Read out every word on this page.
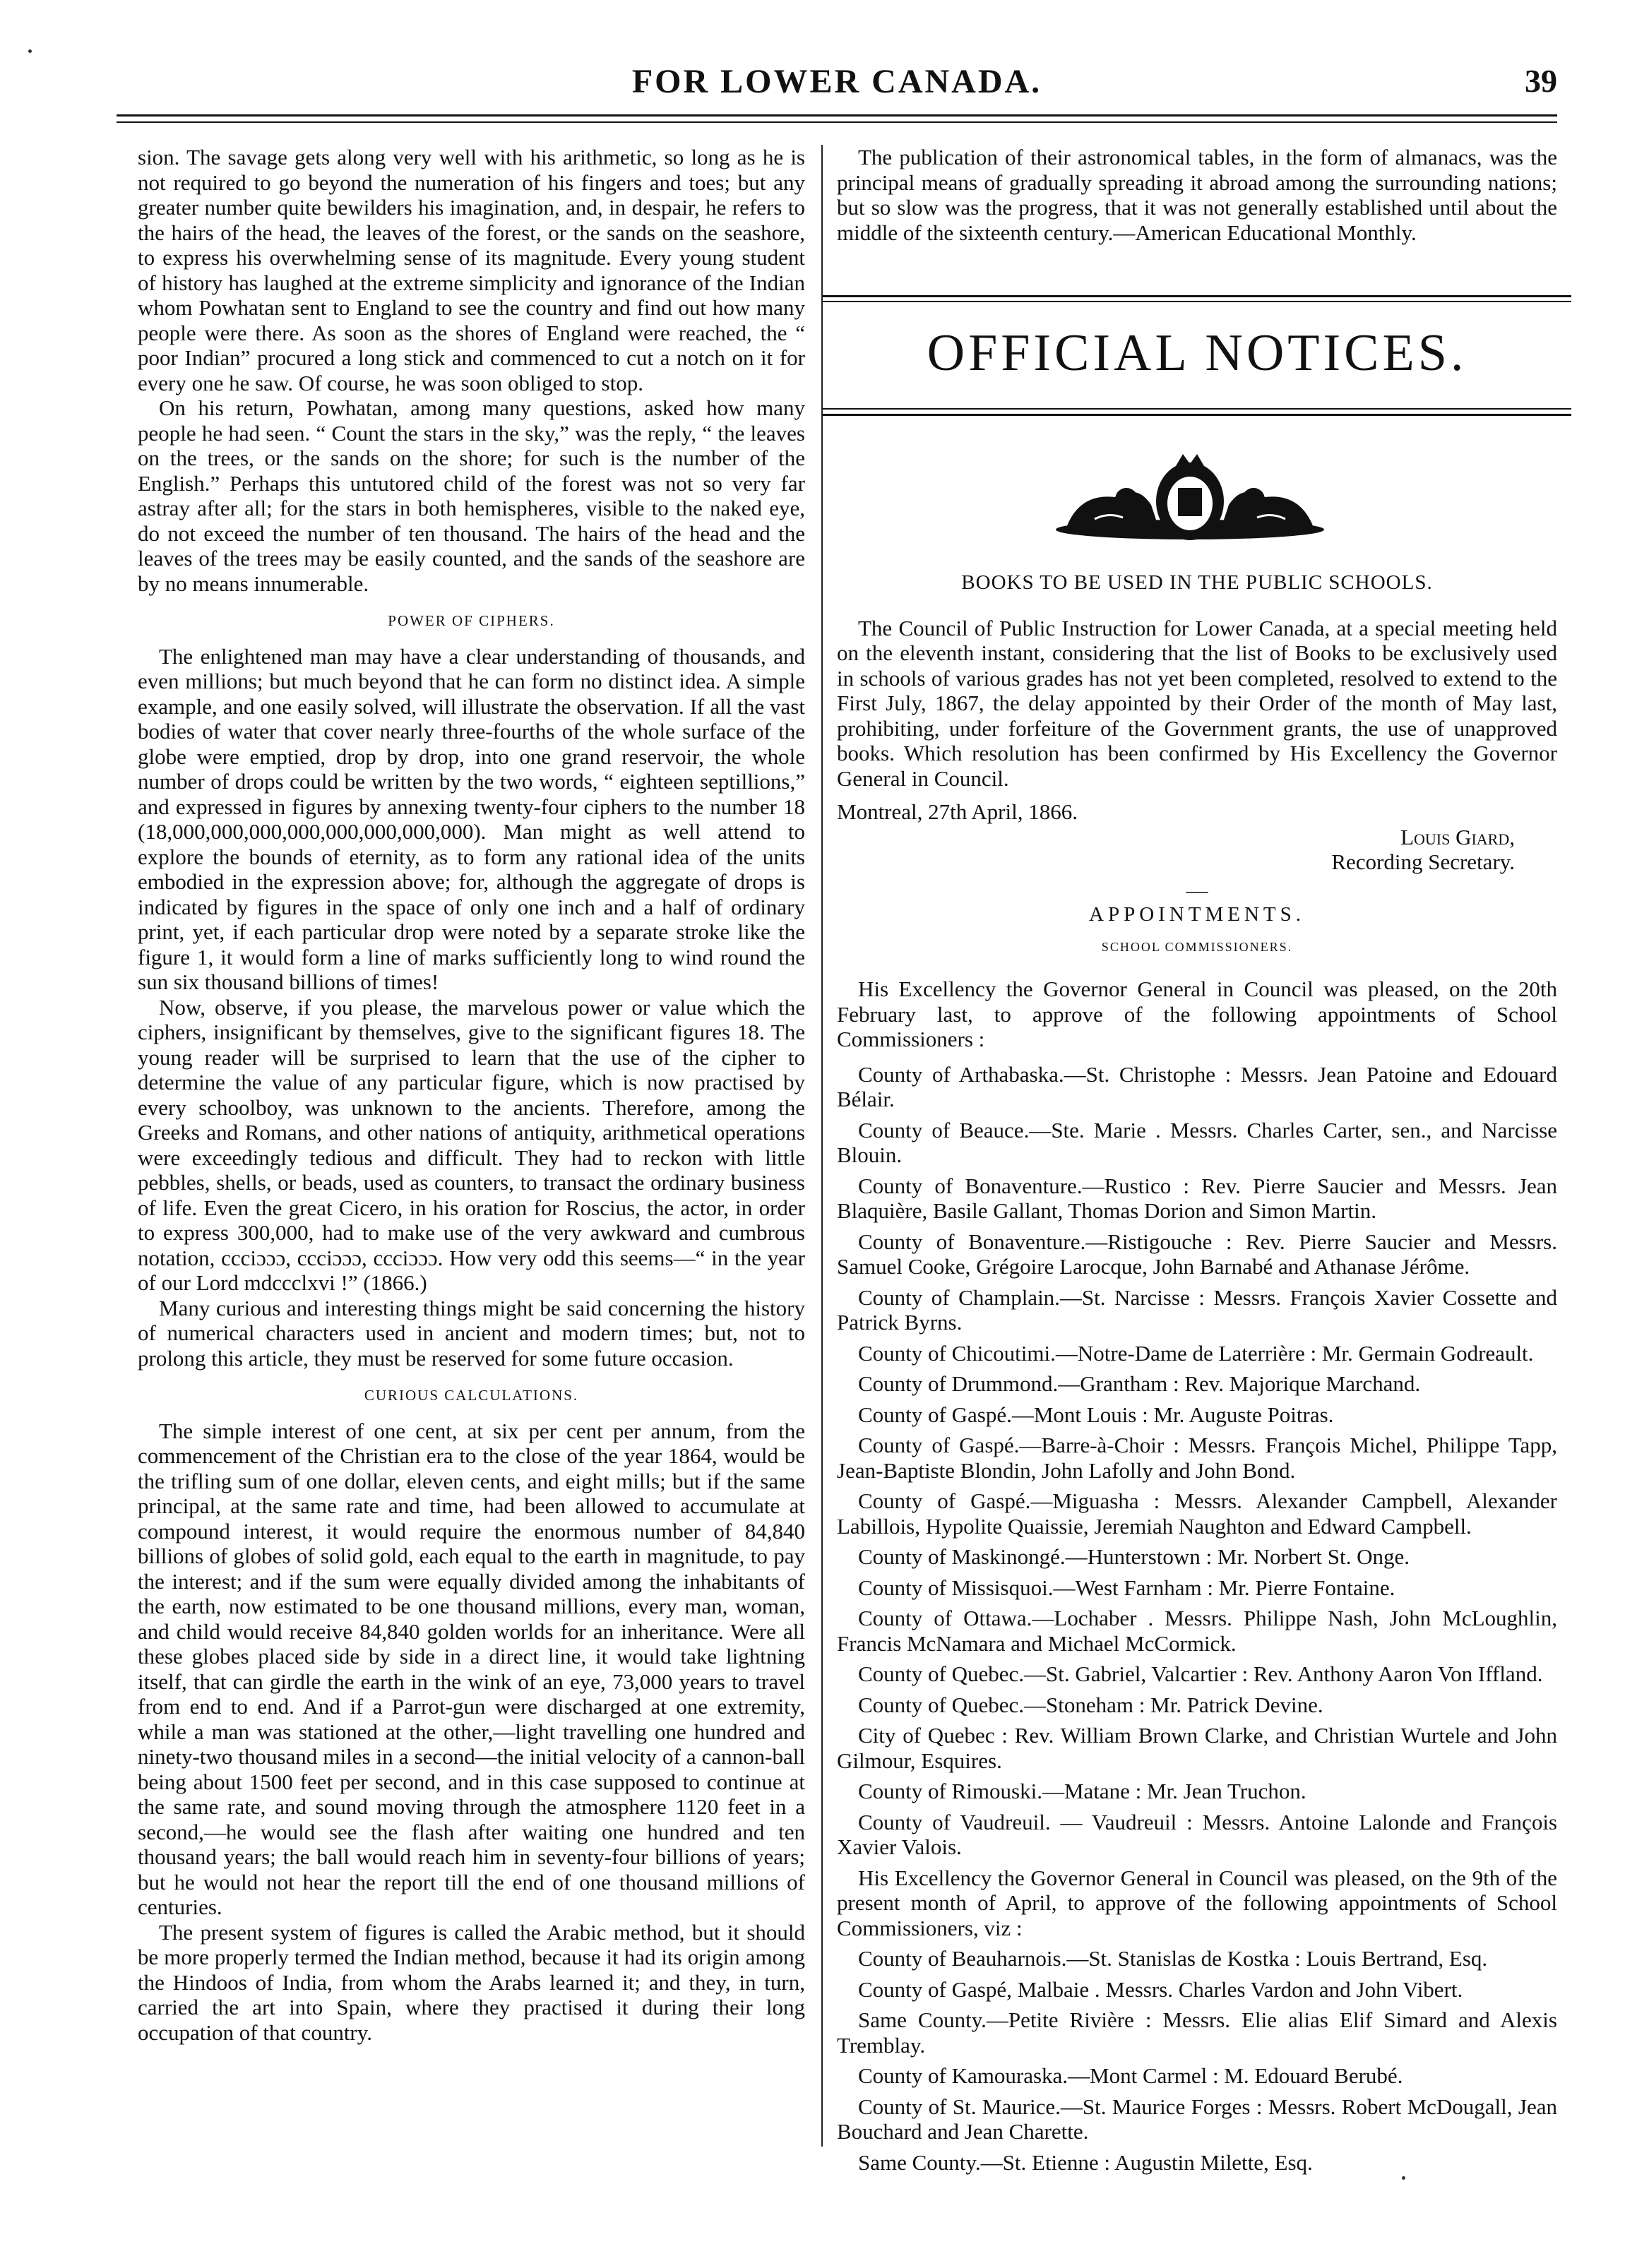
FOR LOWER CANADA.	39

sion. The savage gets along very well with his arithmetic, so long as he is not required to go beyond the numeration of his fingers and toes; but any greater number quite bewilders his imagination, and, in despair, he refers to the hairs of the head, the leaves of the forest, or the sands on the seashore, to express his overwhelming sense of its magnitude. Every young student of history has laughed at the extreme simplicity and ignorance of the Indian whom Powhatan sent to England to see the country and find out how many people were there. As soon as the shores of England were reached, the “ poor Indian” procured a long stick and commenced to cut a notch on it for every one he saw. Of course, he was soon obliged to stop.

On his return, Powhatan, among many questions, asked how many people he had seen. “ Count the stars in the sky,” was the reply, “ the leaves on the trees, or the sands on the shore; for such is the number of the English.” Perhaps this untutored child of the forest was not so very far astray after all; for the stars in both hemispheres, visible to the naked eye, do not exceed the number of ten thousand. The hairs of the head and the leaves of the trees may be easily counted, and the sands of the seashore are by no means innumerable.

POWER OF CIPHERS.

The enlightened man may have a clear understanding of thousands, and even millions; but much beyond that he can form no distinct idea. A simple example, and one easily solved, will illustrate the observation. If all the vast bodies of water that cover nearly three-fourths of the whole surface of the globe were emptied, drop by drop, into one grand reservoir, the whole number of drops could be written by the two words, “ eighteen septillions,” and expressed in figures by annexing twenty-four ciphers to the number 18 (18,000,000,000,000,000,000,000,000). Man might as well attend to explore the bounds of eternity, as to form any rational idea of the units embodied in the expression above; for, although the aggregate of drops is indicated by figures in the space of only one inch and a half of ordinary print, yet, if each particular drop were noted by a separate stroke like the figure 1, it would form a line of marks sufficiently long to wind round the sun six thousand billions of times!

Now, observe, if you please, the marvelous power or value which the ciphers, insignificant by themselves, give to the significant figures 18. The young reader will be surprised to learn that the use of the cipher to determine the value of any particular figure, which is now practised by every schoolboy, was unknown to the ancients. Therefore, among the Greeks and Romans, and other nations of antiquity, arithmetical operations were exceedingly tedious and difficult. They had to reckon with little pebbles, shells, or beads, used as counters, to transact the ordinary business of life. Even the great Cicero, in his oration for Roscius, the actor, in order to express 300,000, had to make use of the very awkward and cumbrous notation, ccciɔɔɔ, ccciɔɔɔ, ccciɔɔɔ. How very odd this seems—“ in the year of our Lord mdccclxvi !” (1866.)

Many curious and interesting things might be said concerning the history of numerical characters used in ancient and modern times; but, not to prolong this article, they must be reserved for some future occasion.

CURIOUS CALCULATIONS.

The simple interest of one cent, at six per cent per annum, from the commencement of the Christian era to the close of the year 1864, would be the trifling sum of one dollar, eleven cents, and eight mills; but if the same principal, at the same rate and time, had been allowed to accumulate at compound interest, it would require the enormous number of 84,840 billions of globes of solid gold, each equal to the earth in magnitude, to pay the interest; and if the sum were equally divided among the inhabitants of the earth, now estimated to be one thousand millions, every man, woman, and child would receive 84,840 golden worlds for an inheritance. Were all these globes placed side by side in a direct line, it would take lightning itself, that can girdle the earth in the wink of an eye, 73,000 years to travel from end to end. And if a Parrot-gun were discharged at one extremity, while a man was stationed at the other,—light travelling one hundred and ninety-two thousand miles in a second—the initial velocity of a cannon-ball being about 1500 feet per second, and in this case supposed to continue at the same rate, and sound moving through the atmosphere 1120 feet in a second,—he would see the flash after waiting one hundred and ten thousand years; the ball would reach him in seventy-four billions of years; but he would not hear the report till the end of one thousand millions of centuries.

The present system of figures is called the Arabic method, but it should be more properly termed the Indian method, because it had its origin among the Hindoos of India, from whom the Arabs learned it; and they, in turn, carried the art into Spain, where they practised it during their long occupation of that country.

The publication of their astronomical tables, in the form of almanacs, was the principal means of gradually spreading it abroad among the surrounding nations; but so slow was the progress, that it was not generally established until about the middle of the sixteenth century.—American Educational Monthly.

OFFICIAL NOTICES.

BOOKS TO BE USED IN THE PUBLIC SCHOOLS.

The Council of Public Instruction for Lower Canada, at a special meeting held on the eleventh instant, considering that the list of Books to be exclusively used in schools of various grades has not yet been completed, resolved to extend to the First July, 1867, the delay appointed by their Order of the month of May last, prohibiting, under forfeiture of the Government grants, the use of unapproved books. Which resolution has been confirmed by His Excellency the Governor General in Council.

Montreal, 27th April, 1866.

Louis Giard,

Recording Secretary.

—

APPOINTMENTS.

SCHOOL COMMISSIONERS.

His Excellency the Governor General in Council was pleased, on the 20th February last, to approve of the following appointments of School Commissioners :

County of Arthabaska.—St. Christophe : Messrs. Jean Patoine and Edouard Bélair.

County of Beauce.—Ste. Marie . Messrs. Charles Carter, sen., and Narcisse Blouin.

County of Bonaventure.—Rustico : Rev. Pierre Saucier and Messrs. Jean Blaquière, Basile Gallant, Thomas Dorion and Simon Martin.

County of Bonaventure.—Ristigouche : Rev. Pierre Saucier and Messrs. Samuel Cooke, Grégoire Larocque, John Barnabé and Athanase Jérôme.

County of Champlain.—St. Narcisse : Messrs. François Xavier Cossette and Patrick Byrns.

County of Chicoutimi.—Notre-Dame de Laterrière : Mr. Germain Godreault.

County of Drummond.—Grantham : Rev. Majorique Marchand.

County of Gaspé.—Mont Louis : Mr. Auguste Poitras.

County of Gaspé.—Barre-à-Choir : Messrs. François Michel, Philippe Tapp, Jean-Baptiste Blondin, John Lafolly and John Bond.

County of Gaspé.—Miguasha : Messrs. Alexander Campbell, Alexander Labillois, Hypolite Quaissie, Jeremiah Naughton and Edward Campbell.

County of Maskinongé.—Hunterstown : Mr. Norbert St. Onge.

County of Missisquoi.—West Farnham : Mr. Pierre Fontaine.

County of Ottawa.—Lochaber . Messrs. Philippe Nash, John McLoughlin, Francis McNamara and Michael McCormick.

County of Quebec.—St. Gabriel, Valcartier : Rev. Anthony Aaron Von Iffland.

County of Quebec.—Stoneham : Mr. Patrick Devine.

City of Quebec : Rev. William Brown Clarke, and Christian Wurtele and John Gilmour, Esquires.

County of Rimouski.—Matane : Mr. Jean Truchon.

County of Vaudreuil. — Vaudreuil : Messrs. Antoine Lalonde and François Xavier Valois.

His Excellency the Governor General in Council was pleased, on the 9th of the present month of April, to approve of the following appointments of School Commissioners, viz :

County of Beauharnois.—St. Stanislas de Kostka : Louis Bertrand, Esq.

County of Gaspé, Malbaie . Messrs. Charles Vardon and John Vibert.

Same County.—Petite Rivière : Messrs. Elie alias Elif Simard and Alexis Tremblay.

County of Kamouraska.—Mont Carmel : M. Edouard Berubé.

County of St. Maurice.—St. Maurice Forges : Messrs. Robert McDougall, Jean Bouchard and Jean Charette.

Same County.—St. Etienne : Augustin Milette, Esq.
